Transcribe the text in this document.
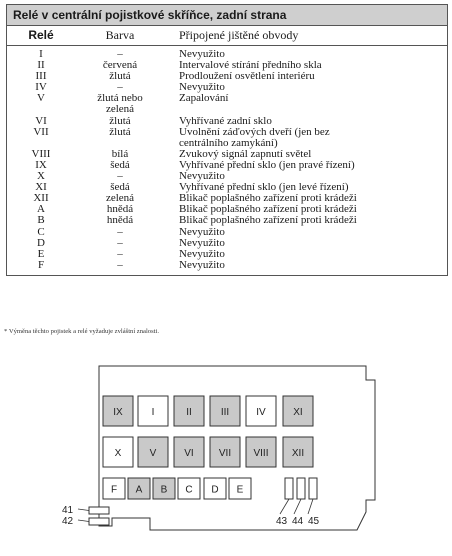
Relé v centrální pojistkové skříňce, zadní strana
Relé	Barva	Připojené jištěné obvody
I	–	Nevyužito
II	červená	Intervalové stírání předního skla
III	žlutá	Prodloužení osvětlení interiéru
IV	–	Nevyužito
V	žlutá nebo	Zapalování
zelená
VI	žlutá	Vyhřívané zadní sklo
VII	žlutá	Uvolnění záďových dveří (jen bez
centrálního zamykání)
VIII	bílá	Zvukový signál zapnutí světel
IX	šedá	Vyhřívané přední sklo (jen pravé řízení)
X	–	Nevyužito
XI	šedá	Vyhřívané přední sklo (jen levé řízení)
XII	zelená	Blikač poplašného zařízení proti krádeži
A	hnědá	Blikač poplašného zařízení proti krádeži
B	hnědá	Blikač poplašného zařízení proti krádeži
C	–	Nevyužito
D	–	Nevyužito
E	–	Nevyužito
F	–	Nevyužito
* Výměna těchto pojistek a relé vyžaduje zvláštní znalosti.
IX	I	II	III	IV	XI
X	V	VI	VII VIII XII
F A B C D E
43 44 45
41
42
